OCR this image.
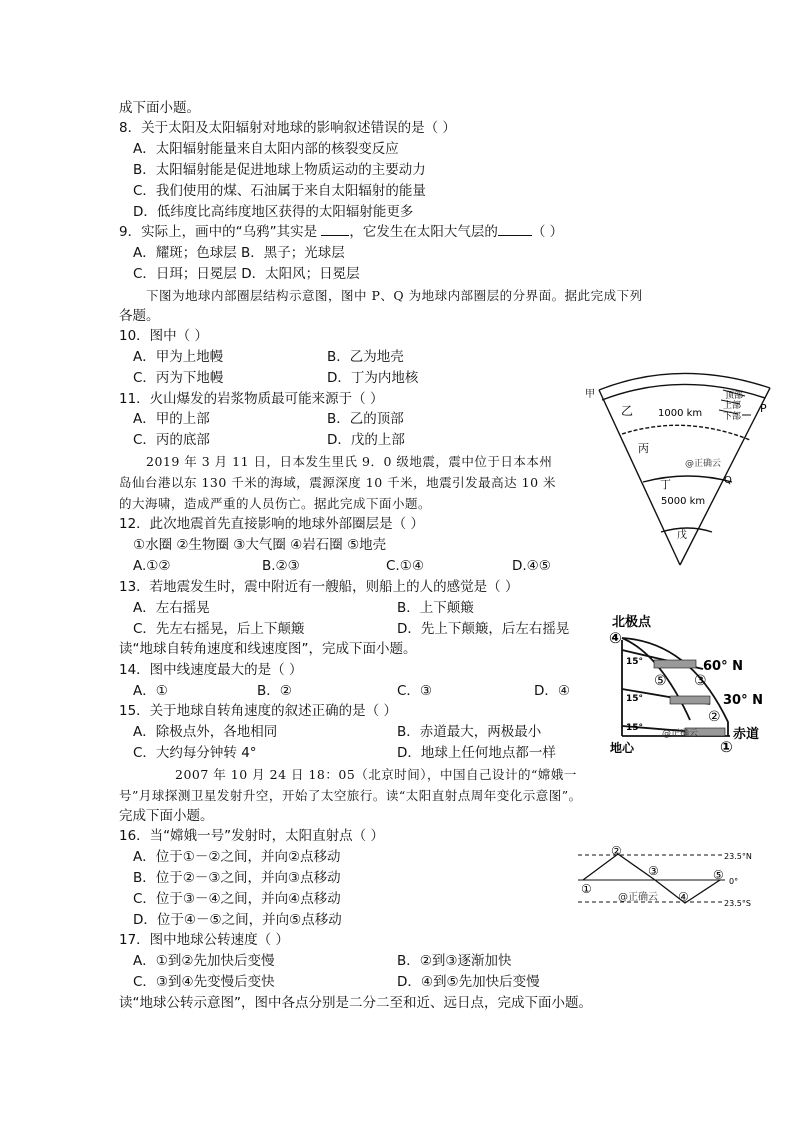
成下面小题。
8．关于太阳及太阳辐射对地球的影响叙述错误的是（ ）
A．太阳辐射能量来自太阳内部的核裂变反应
B．太阳辐射能是促进地球上物质运动的主要动力
C．我们使用的煤、石油属于来自太阳辐射的能量
D．低纬度比高纬度地区获得的太阳辐射能更多
9．实际上，画中的“乌鸦”其实是 ，它发生在太阳大气层的	（ ）
A．耀斑；色球层 B．黑子；光球层
C．日珥；日冕层 D．太阳风；日冕层
下图为地球内部圈层结构示意图，图中 P、Q 为地球内部圈层的分界面。据此完成下列
各题。
10．图中（ ）
A．甲为上地幔	B．乙为地壳
C．丙为下地幔	D．丁为内地核
11．火山爆发的岩浆物质最可能来源于（ ）
A．甲的上部	B．乙的顶部
C．丙的底部	D．戊的上部
2019 年 3 月 11 日，日本发生里氏 9．0 级地震，震中位于日本本州
岛仙台港以东 130 千米的海域，震源深度 10 千米，地震引发最高达 10 米
的大海啸，造成严重的人员伤亡。据此完成下面小题。
12．此次地震首先直接影响的地球外部圈层是（ ）
①水圈 ②生物圈 ③大气圈 ④岩石圈 ⑤地壳
A.①②	B.②③	C.①④	D.④⑤
13．若地震发生时，震中附近有一艘船，则船上的人的感觉是（ ）
A．左右摇晃	B．上下颠簸
C．先左右摇晃，后上下颠簸	D．先上下颠簸，后左右摇晃
读“地球自转角速度和线速度图”，完成下面小题。
14．图中线速度最大的是（ ）
A．①	B．②	C．③	D．④
15．关于地球自转角速度的叙述正确的是（ ）
A．除极点外，各地相同	B．赤道最大，两极最小
C．大约每分钟转 4°	D．地球上任何地点都一样
2007 年 10 月 24 日 18：05（北京时间），中国自己设计的“嫦娥一
号”月球探测卫星发射升空，开始了太空旅行。读“太阳直射点周年变化示意图”。
完成下面小题。
16．当“嫦娥一号”发射时，太阳直射点（ ）
A．位于①－②之间，并向②点移动
B．位于②－③之间，并向③点移动
C．位于③－④之间，并向④点移动
D．位于④－⑤之间，并向⑤点移动
17．图中地球公转速度（ ）
A．①到②先加快后变慢	B．②到③逐渐加快
C．③到④先变慢后变快	D．④到⑤先加快后变慢
读“地球公转示意图”，图中各点分别是二分二至和近、远日点，完成下面小题。
甲
乙 1000 km
顶部
上部
下部
P
丙
@正确云
Q
丁
5000 km
戊
北极点
15°
15°
15°
60° N
30° N
赤道
地心
@正确云
④
⑤ ③
②
①
23.5°N
0°
23.5°S
@正确云
①
②
③
④
⑤
